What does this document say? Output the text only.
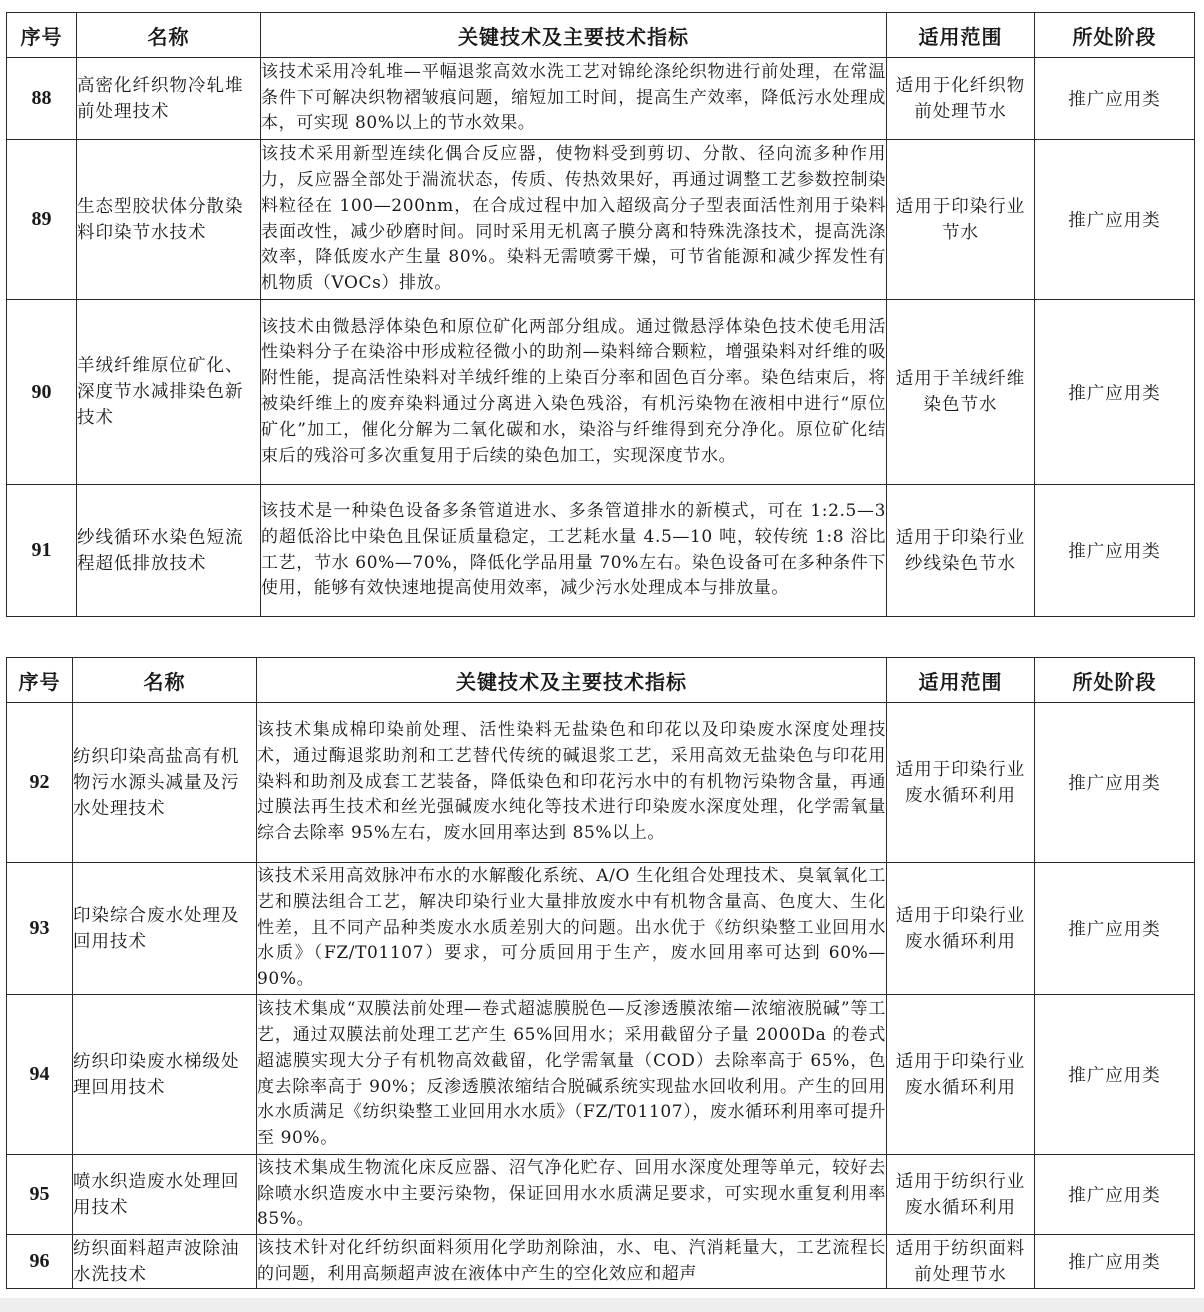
序号	名称	关键技术及主要技术指标	适用范围	所处阶段
88	高密化纤织物冷轧堆前处理技术	该技术采用冷轧堆—平幅退浆高效水洗工艺对锦纶涤纶织物进行前处理，在常温条件下可解决织物褶皱痕问题，缩短加工时间，提高生产效率，降低污水处理成本，可实现 80%以上的节水效果。	适用于化纤织物前处理节水	推广应用类
89	生态型胶状体分散染料印染节水技术	该技术采用新型连续化偶合反应器，使物料受到剪切、分散、径向流多种作用力，反应器全部处于湍流状态，传质、传热效果好，再通过调整工艺参数控制染料粒径在 100—200nm，在合成过程中加入超级高分子型表面活性剂用于染料表面改性，减少砂磨时间。同时采用无机离子膜分离和特殊洗涤技术，提高洗涤效率，降低废水产生量 80%。染料无需喷雾干燥，可节省能源和减少挥发性有机物质（VOCs）排放。	适用于印染行业节水	推广应用类
90	羊绒纤维原位矿化、深度节水减排染色新技术	该技术由微悬浮体染色和原位矿化两部分组成。通过微悬浮体染色技术使毛用活性染料分子在染浴中形成粒径微小的助剂—染料缔合颗粒，增强染料对纤维的吸附性能，提高活性染料对羊绒纤维的上染百分率和固色百分率。染色结束后，将被染纤维上的废弃染料通过分离进入染色残浴，有机污染物在液相中进行“原位矿化”加工，催化分解为二氧化碳和水，染浴与纤维得到充分净化。原位矿化结束后的残浴可多次重复用于后续的染色加工，实现深度节水。	适用于羊绒纤维染色节水	推广应用类
91	纱线循环水染色短流程超低排放技术	该技术是一种染色设备多条管道进水、多条管道排水的新模式，可在 1:2.5—3 的超低浴比中染色且保证质量稳定，工艺耗水量 4.5—10 吨，较传统 1:8 浴比工艺，节水 60%—70%，降低化学品用量 70%左右。染色设备可在多种条件下使用，能够有效快速地提高使用效率，减少污水处理成本与排放量。	适用于印染行业纱线染色节水	推广应用类
序号	名称	关键技术及主要技术指标	适用范围	所处阶段
92	纺织印染高盐高有机物污水源头减量及污水处理技术	该技术集成棉印染前处理、活性染料无盐染色和印花以及印染废水深度处理技术，通过酶退浆助剂和工艺替代传统的碱退浆工艺，采用高效无盐染色与印花用染料和助剂及成套工艺装备，降低染色和印花污水中的有机物污染物含量，再通过膜法再生技术和丝光强碱废水纯化等技术进行印染废水深度处理，化学需氧量综合去除率 95%左右，废水回用率达到 85%以上。	适用于印染行业废水循环利用	推广应用类
93	印染综合废水处理及回用技术	该技术采用高效脉冲布水的水解酸化系统、A/O 生化组合处理技术、臭氧氧化工艺和膜法组合工艺，解决印染行业大量排放废水中有机物含量高、色度大、生化性差，且不同产品种类废水水质差别大的问题。出水优于《纺织染整工业回用水水质》（FZ/T01107）要求，可分质回用于生产，废水回用率可达到 60%—90%。	适用于印染行业废水循环利用	推广应用类
94	纺织印染废水梯级处理回用技术	该技术集成“双膜法前处理—卷式超滤膜脱色—反渗透膜浓缩—浓缩液脱碱”等工艺，通过双膜法前处理工艺产生 65%回用水；采用截留分子量 2000Da 的卷式超滤膜实现大分子有机物高效截留，化学需氧量（COD）去除率高于 65%，色度去除率高于 90%；反渗透膜浓缩结合脱碱系统实现盐水回收利用。产生的回用水水质满足《纺织染整工业回用水水质》（FZ/T01107），废水循环利用率可提升至 90%。	适用于印染行业废水循环利用	推广应用类
95	喷水织造废水处理回用技术	该技术集成生物流化床反应器、沼气净化贮存、回用水深度处理等单元，较好去除喷水织造废水中主要污染物，保证回用水水质满足要求，可实现水重复利用率 85%。	适用于纺织行业废水循环利用	推广应用类
96	纺织面料超声波除油水洗技术	该技术针对化纤纺织面料须用化学助剂除油，水、电、汽消耗量大，工艺流程长的问题，利用高频超声波在液体中产生的空化效应和超声	适用于纺织面料前处理节水	推广应用类
